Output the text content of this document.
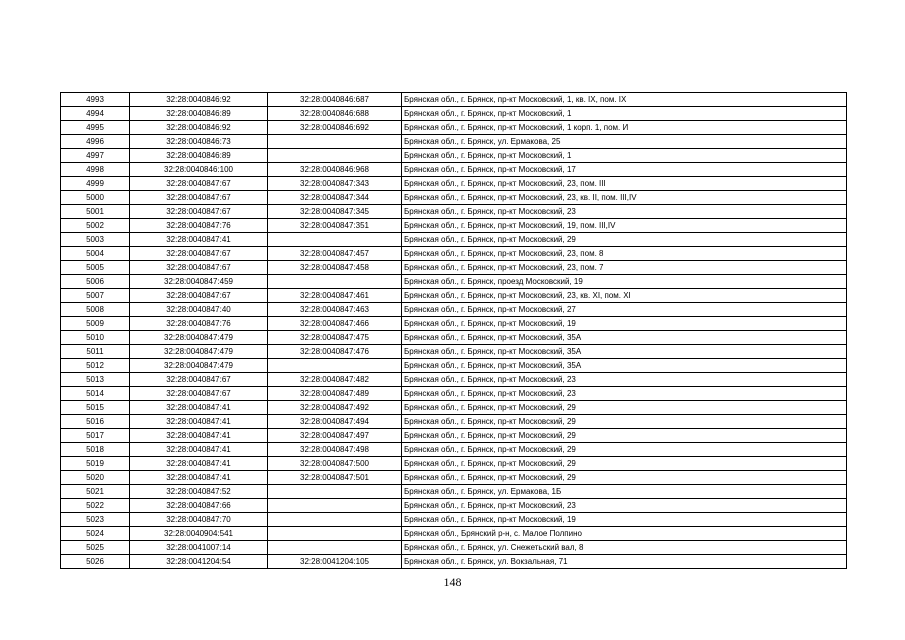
4993	32:28:0040846:92	32:28:0040846:687	Брянская обл., г. Брянск, пр-кт Московский, 1, кв. IX, пом. IX
4994	32:28:0040846:89	32:28:0040846:688	Брянская обл., г. Брянск, пр-кт Московский, 1
4995	32:28:0040846:92	32:28:0040846:692	Брянская обл., г. Брянск, пр-кт Московский, 1 корп. 1, пом. И
4996	32:28:0040846:73		Брянская обл., г. Брянск, ул. Ермакова, 25
4997	32:28:0040846:89		Брянская обл., г. Брянск, пр-кт Московский, 1
4998	32:28:0040846:100	32:28:0040846:968	Брянская обл., г. Брянск, пр-кт Московский, 17
4999	32:28:0040847:67	32:28:0040847:343	Брянская обл., г. Брянск, пр-кт Московский, 23, пом. III
5000	32:28:0040847:67	32:28:0040847:344	Брянская обл., г. Брянск, пр-кт Московский, 23, кв. II, пом. III,IV
5001	32:28:0040847:67	32:28:0040847:345	Брянская обл., г. Брянск, пр-кт Московский, 23
5002	32:28:0040847:76	32:28:0040847:351	Брянская обл., г. Брянск, пр-кт Московский, 19, пом. III,IV
5003	32:28:0040847:41		Брянская обл., г. Брянск, пр-кт Московский, 29
5004	32:28:0040847:67	32:28:0040847:457	Брянская обл., г. Брянск, пр-кт Московский, 23, пом. 8
5005	32:28:0040847:67	32:28:0040847:458	Брянская обл., г. Брянск, пр-кт Московский, 23, пом. 7
5006	32:28:0040847:459		Брянская обл., г. Брянск, проезд Московский, 19
5007	32:28:0040847:67	32:28:0040847:461	Брянская обл., г. Брянск, пр-кт Московский, 23, кв. XI, пом. XI
5008	32:28:0040847:40	32:28:0040847:463	Брянская обл., г. Брянск, пр-кт Московский, 27
5009	32:28:0040847:76	32:28:0040847:466	Брянская обл., г. Брянск, пр-кт Московский, 19
5010	32:28:0040847:479	32:28:0040847:475	Брянская обл., г. Брянск, пр-кт Московский, 35А
5011	32:28:0040847:479	32:28:0040847:476	Брянская обл., г. Брянск, пр-кт Московский, 35А
5012	32:28:0040847:479		Брянская обл., г. Брянск, пр-кт Московский, 35А
5013	32:28:0040847:67	32:28:0040847:482	Брянская обл., г. Брянск, пр-кт Московский, 23
5014	32:28:0040847:67	32:28:0040847:489	Брянская обл., г. Брянск, пр-кт Московский, 23
5015	32:28:0040847:41	32:28:0040847:492	Брянская обл., г. Брянск, пр-кт Московский, 29
5016	32:28:0040847:41	32:28:0040847:494	Брянская обл., г. Брянск, пр-кт Московский, 29
5017	32:28:0040847:41	32:28:0040847:497	Брянская обл., г. Брянск, пр-кт Московский, 29
5018	32:28:0040847:41	32:28:0040847:498	Брянская обл., г. Брянск, пр-кт Московский, 29
5019	32:28:0040847:41	32:28:0040847:500	Брянская обл., г. Брянск, пр-кт Московский, 29
5020	32:28:0040847:41	32:28:0040847:501	Брянская обл., г. Брянск, пр-кт Московский, 29
5021	32:28:0040847:52		Брянская обл., г. Брянск, ул. Ермакова, 1Б
5022	32:28:0040847:66		Брянская обл., г. Брянск, пр-кт Московский, 23
5023	32:28:0040847:70		Брянская обл., г. Брянск, пр-кт Московский, 19
5024	32:28:0040904:541		Брянская обл., Брянский р-н, с. Малое Полпино
5025	32:28:0041007:14		Брянская обл., г. Брянск, ул. Снежетьский вал, 8
5026	32:28:0041204:54	32:28:0041204:105	Брянская обл., г. Брянск, ул. Вокзальная, 71
148
